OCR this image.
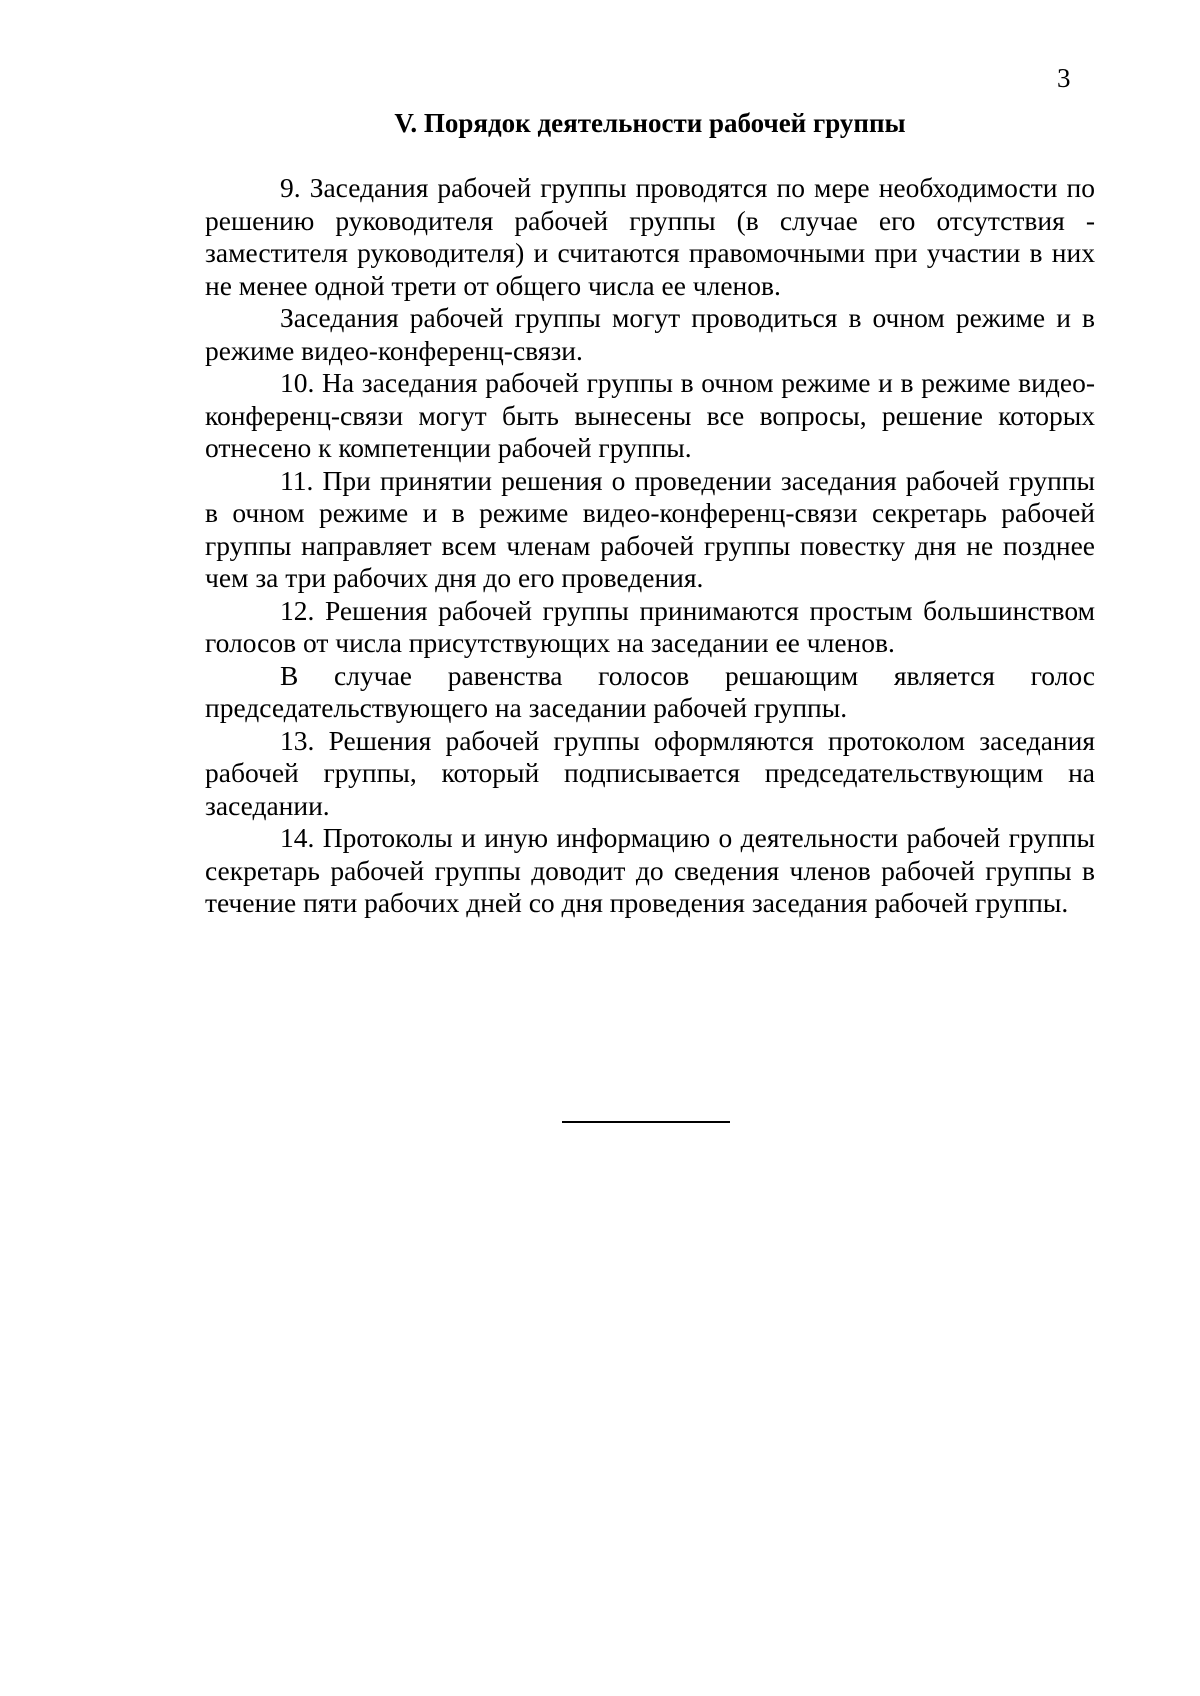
3
V. Порядок деятельности рабочей группы

9. Заседания рабочей группы проводятся по мере необходимости по решению руководителя рабочей группы (в случае его отсутствия - заместителя руководителя) и считаются правомочными при участии в них не менее одной трети от общего числа ее членов.

Заседания рабочей группы могут проводиться в очном режиме и в режиме видео-конференц-связи.

10. На заседания рабочей группы в очном режиме и в режиме видео-конференц-связи могут быть вынесены все вопросы, решение которых отнесено к компетенции рабочей группы.

11. При принятии решения о проведении заседания рабочей группы в очном режиме и в режиме видео-конференц-связи секретарь рабочей группы направляет всем членам рабочей группы повестку дня не позднее чем за три рабочих дня до его проведения.

12. Решения рабочей группы принимаются простым большинством голосов от числа присутствующих на заседании ее членов.

В случае равенства голосов решающим является голос председательствующего на заседании рабочей группы.

13. Решения рабочей группы оформляются протоколом заседания рабочей группы, который подписывается председательствующим на заседании.

14. Протоколы и иную информацию о деятельности рабочей группы секретарь рабочей группы доводит до сведения членов рабочей группы в течение пяти рабочих дней со дня проведения заседания рабочей группы.
